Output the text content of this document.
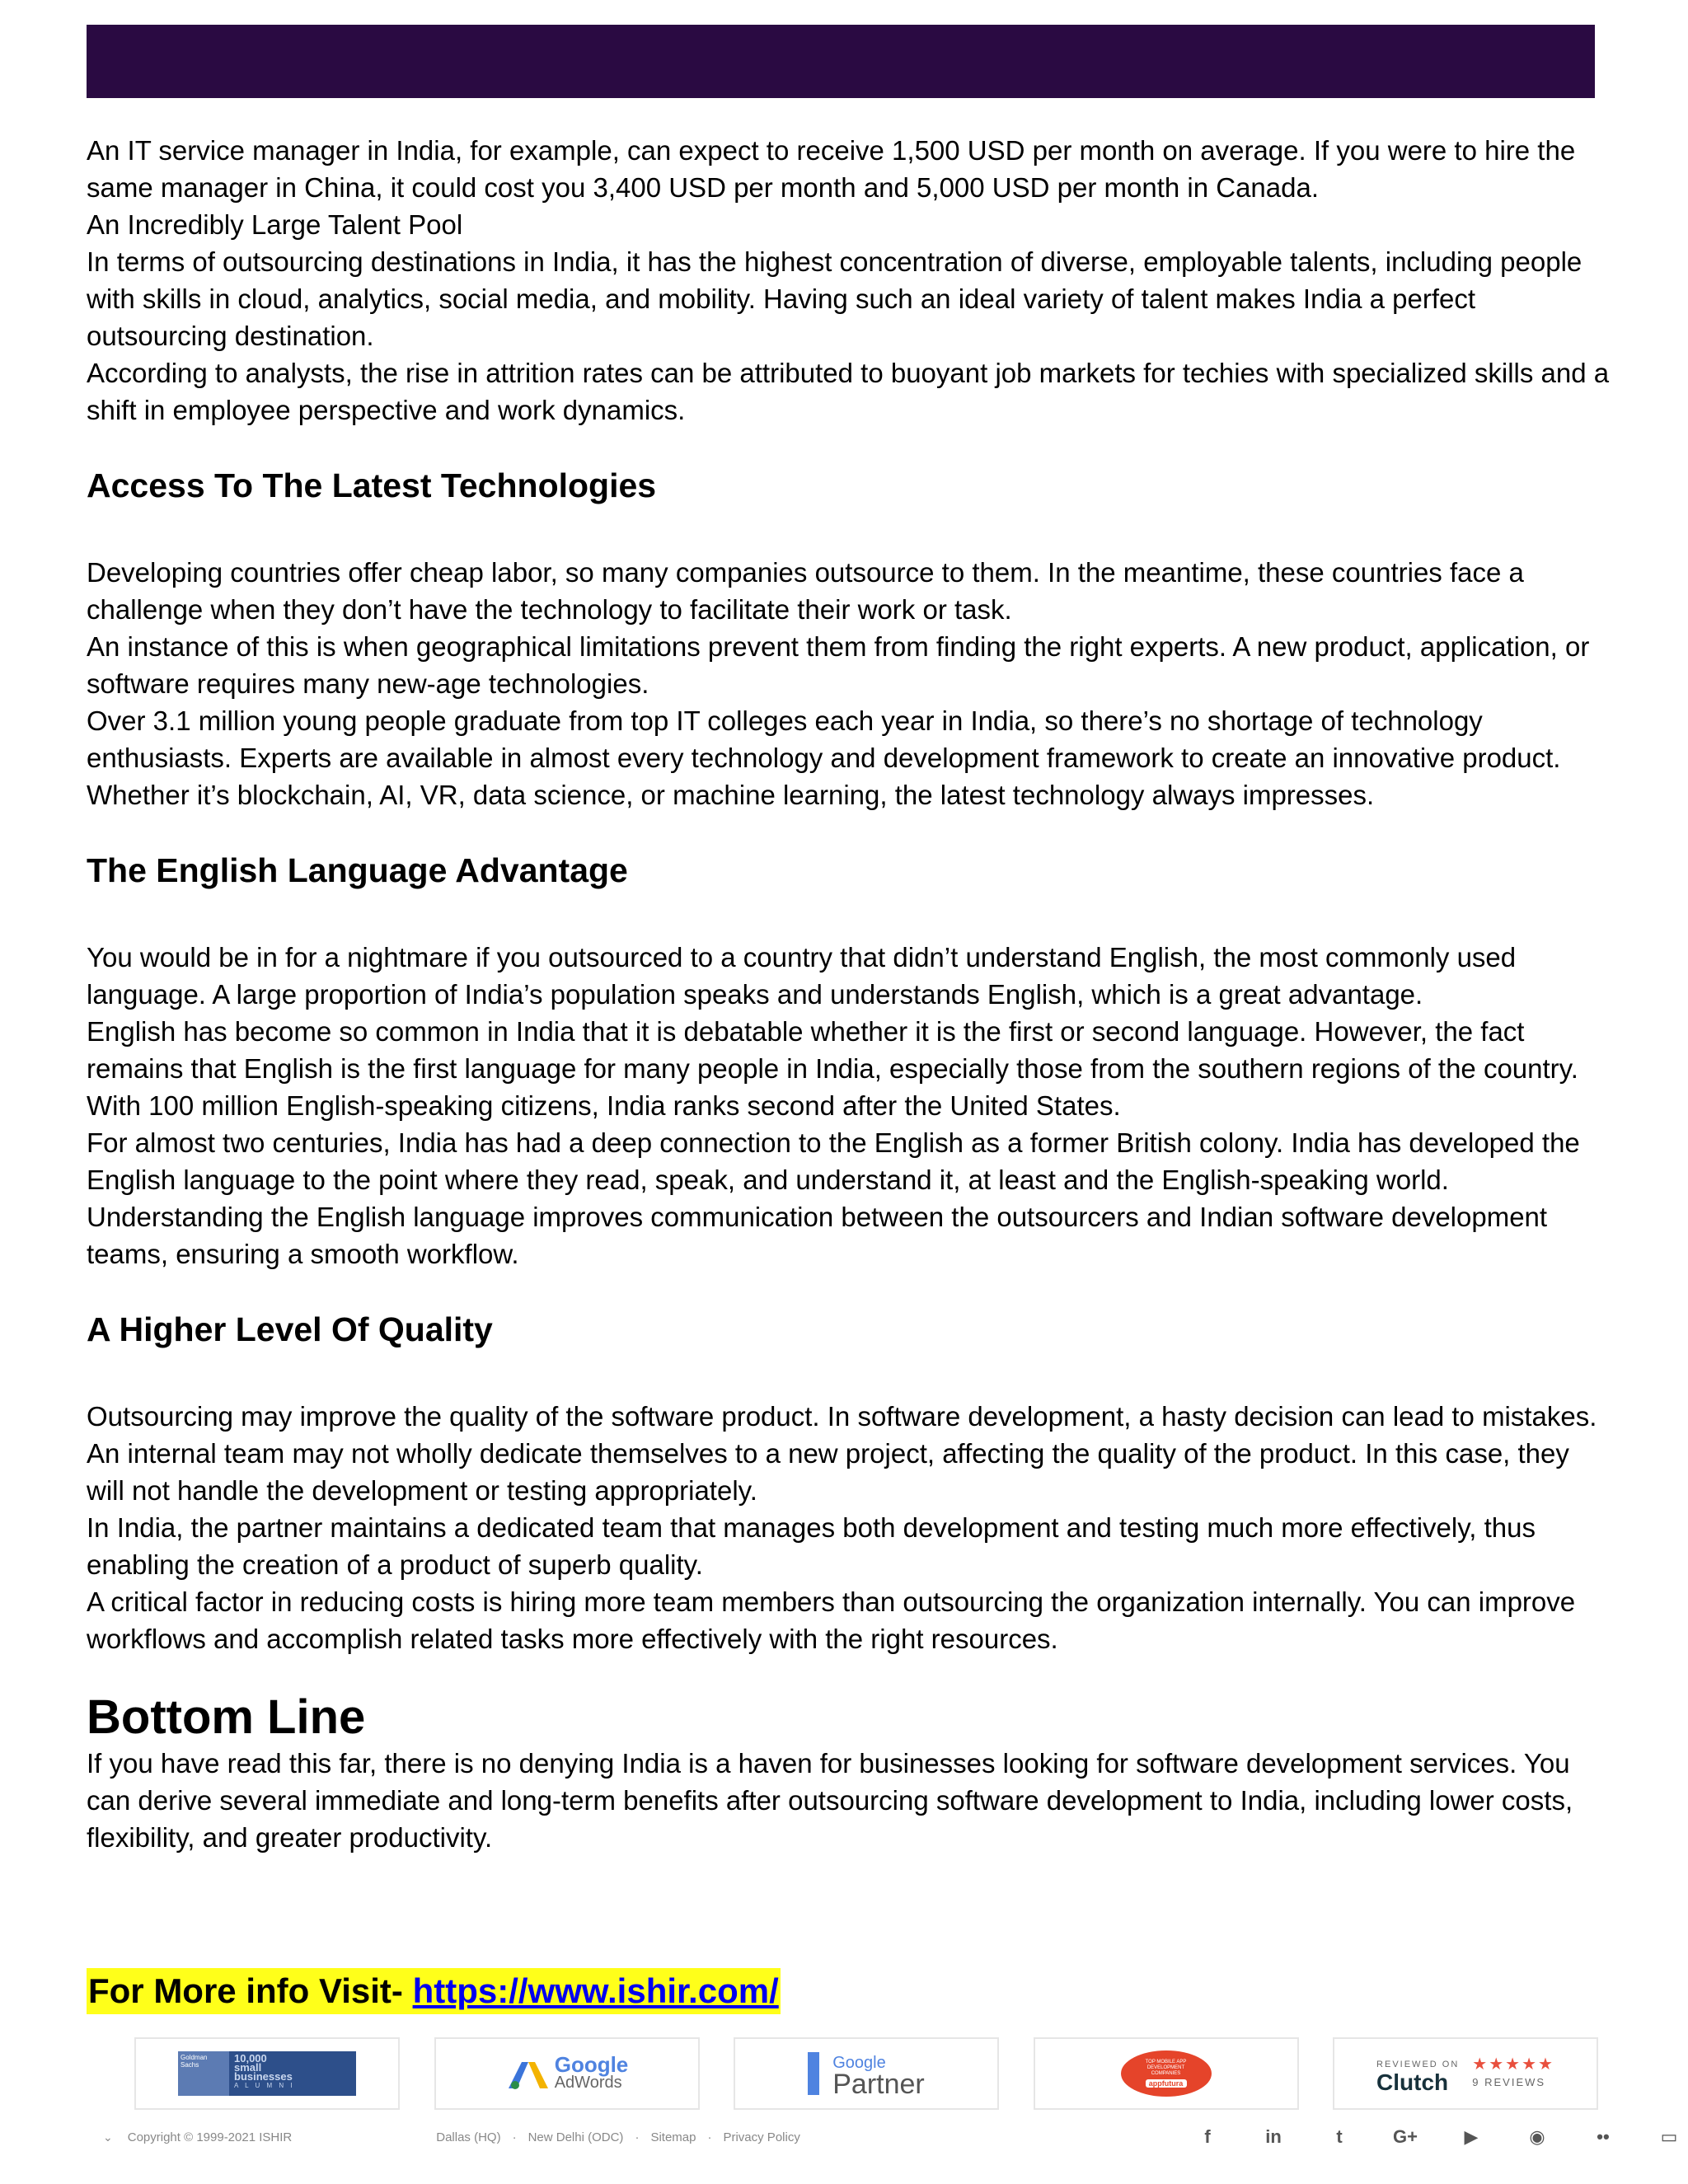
An IT service manager in India, for example, can expect to receive 1,500 USD per month on average. If you were to hire the same manager in China, it could cost you 3,400 USD per month and 5,000 USD per month in Canada.

An Incredibly Large Talent Pool

In terms of outsourcing destinations in India, it has the highest concentration of diverse, employable talents, including people with skills in cloud, analytics, social media, and mobility. Having such an ideal variety of talent makes India a perfect outsourcing destination.

According to analysts, the rise in attrition rates can be attributed to buoyant job markets for techies with specialized skills and a shift in employee perspective and work dynamics.

Access To The Latest Technologies

Developing countries offer cheap labor, so many companies outsource to them. In the meantime, these countries face a challenge when they don’t have the technology to facilitate their work or task.

An instance of this is when geographical limitations prevent them from finding the right experts. A new product, application, or software requires many new-age technologies.

Over 3.1 million young people graduate from top IT colleges each year in India, so there’s no shortage of technology enthusiasts. Experts are available in almost every technology and development framework to create an innovative product.

Whether it’s blockchain, AI, VR, data science, or machine learning, the latest technology always impresses.

The English Language Advantage

You would be in for a nightmare if you outsourced to a country that didn’t understand English, the most commonly used language. A large proportion of India’s population speaks and understands English, which is a great advantage.

English has become so common in India that it is debatable whether it is the first or second language. However, the fact remains that English is the first language for many people in India, especially those from the southern regions of the country. With 100 million English-speaking citizens, India ranks second after the United States.

For almost two centuries, India has had a deep connection to the English as a former British colony. India has developed the English language to the point where they read, speak, and understand it, at least and the English-speaking world.

Understanding the English language improves communication between the outsourcers and Indian software development teams, ensuring a smooth workflow.

A Higher Level Of Quality

Outsourcing may improve the quality of the software product. In software development, a hasty decision can lead to mistakes. An internal team may not wholly dedicate themselves to a new project, affecting the quality of the product. In this case, they will not handle the development or testing appropriately.

In India, the partner maintains a dedicated team that manages both development and testing much more effectively, thus enabling the creation of a product of superb quality.

A critical factor in reducing costs is hiring more team members than outsourcing the organization internally. You can improve workflows and accomplish related tasks more effectively with the right resources.

Bottom Line

If you have read this far, there is no denying India is a haven for businesses looking for software development services. You can derive several immediate and long-term benefits after outsourcing software development to India, including lower costs, flexibility, and greater productivity.

For More info Visit- https://www.ishir.com/
Goldman Sachs
10,000
small
businesses
A L U M N I
Google
AdWords
Google
Partner
TOP MOBILE APP DEVELOPMENT COMPANIES
appfutura
REVIEWED ON
Clutch
★★★★★
9 REVIEWS
⌄ Copyright © 1999-2021 ISHIR	Dallas (HQ) · New Delhi (ODC) · Sitemap · Privacy Policy	f	in	t	G+	▶	◉	••	▭
